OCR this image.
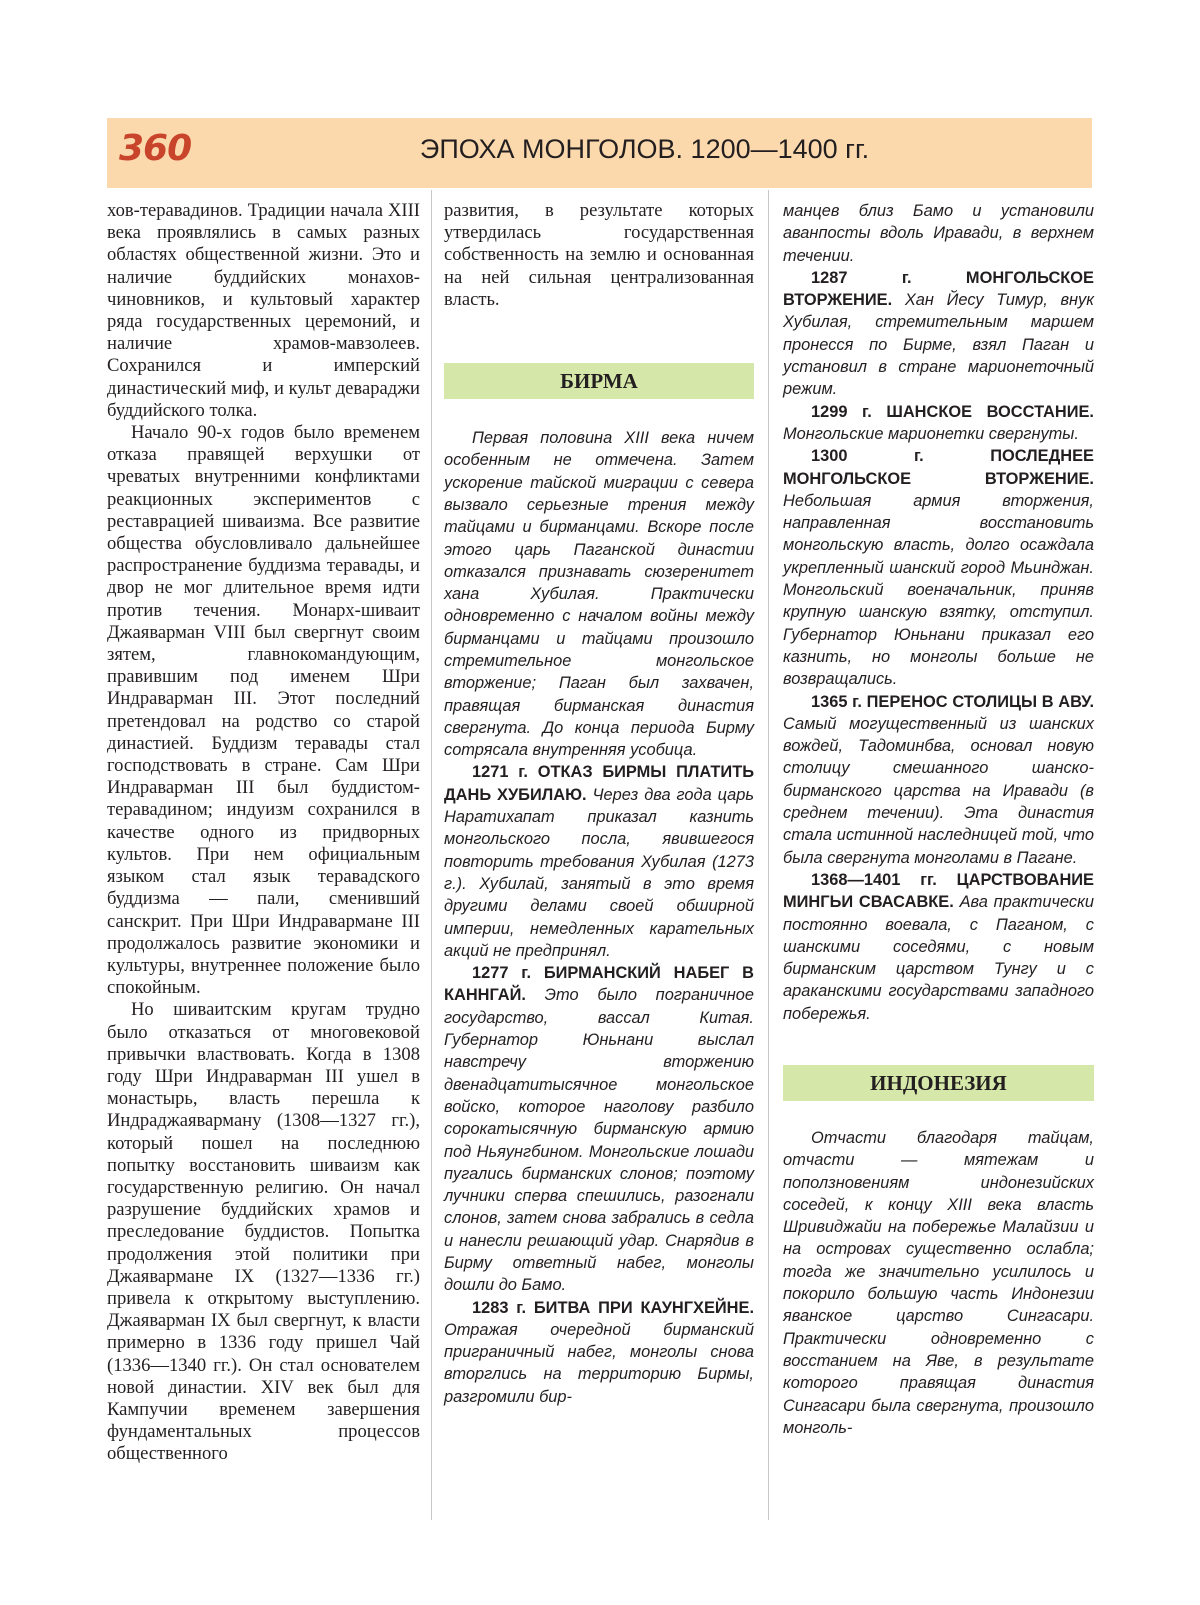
360	ЭПОХА МОНГОЛОВ. 1200—1400 гг.

хов-теравадинов. Традиции начала XIII века проявлялись в самых разных областях общественной жизни. Это и наличие буддийских монахов-чиновников, и культовый характер ряда государственных церемоний, и наличие храмов-мавзолеев. Сохранился и имперский династический миф, и культ девараджи буддийского толка.

Начало 90-х годов было временем отказа правящей верхушки от чреватых внутренними конфликтами реакционных экспериментов с реставрацией шиваизма. Все развитие общества обусловливало дальнейшее распространение буддизма теравады, и двор не мог длительное время идти против течения. Монарх-шиваит Джаяварман VIII был свергнут своим зятем, главнокомандующим, правившим под именем Шри Индраварман III. Этот последний претендовал на родство со старой династией. Буддизм теравады стал господствовать в стране. Сам Шри Индраварман III был буддистом-теравадином; индуизм сохранился в качестве одного из придворных культов. При нем официальным языком стал язык теравадского буддизма — пали, сменивший санскрит. При Шри Индравармане III продолжалось развитие экономики и культуры, внутреннее положение было спокойным.

Но шиваитским кругам трудно было отказаться от многовековой привычки властвовать. Когда в 1308 году Шри Индраварман III ушел в монастырь, власть перешла к Индраджаяварману (1308—1327 гг.), который пошел на последнюю попытку восстановить шиваизм как государственную религию. Он начал разрушение буддийских храмов и преследование буддистов. Попытка продолжения этой политики при Джаявармане IX (1327—1336 гг.) привела к открытому выступлению. Джаяварман IX был свергнут, к власти примерно в 1336 году пришел Чай (1336—1340 гг.). Он стал основателем новой династии. XIV век был для Кампучии временем завершения фундаментальных процессов общественного

развития, в результате которых утвердилась государственная собственность на землю и основанная на ней сильная централизованная власть.

БИРМА

Первая половина XIII века ничем особенным не отмечена. Затем ускорение тайской миграции с севера вызвало серьезные трения между тайцами и бирманцами. Вскоре после этого царь Паганской династии отказался признавать сюзеренитет хана Хубилая. Практически одновременно с началом войны между бирманцами и тайцами произошло стремительное монгольское вторжение; Паган был захвачен, правящая бирманская династия свергнута. До конца периода Бирму сотрясала внутренняя усобица.

1271 г. ОТКАЗ БИРМЫ ПЛАТИТЬ ДАНЬ ХУБИЛАЮ. Через два года царь Наратихапат приказал казнить монгольского посла, явившегося повторить требования Хубилая (1273 г.). Хубилай, занятый в это время другими делами своей обширной империи, немедленных карательных акций не предпринял.

1277 г. БИРМАНСКИЙ НАБЕГ В КАННГАЙ. Это было пограничное государство, вассал Китая. Губернатор Юньнани выслал навстречу вторжению двенадцатитысячное монгольское войско, которое наголову разбило сорокатысячную бирманскую армию под Ньяунгбином. Монгольские лошади пугались бирманских слонов; поэтому лучники сперва спешились, разогнали слонов, затем снова забрались в седла и нанесли решающий удар. Снарядив в Бирму ответный набег, монголы дошли до Бамо.

1283 г. БИТВА ПРИ КАУНГХЕЙНЕ. Отражая очередной бирманский приграничный набег, монголы снова вторглись на территорию Бирмы, разгромили бир-

манцев близ Бамо и установили аванпосты вдоль Иравади, в верхнем течении.

1287 г. МОНГОЛЬСКОЕ ВТОРЖЕНИЕ. Хан Йесу Тимур, внук Хубилая, стремительным маршем пронесся по Бирме, взял Паган и установил в стране марионеточный режим.

1299 г. ШАНСКОЕ ВОССТАНИЕ. Монгольские марионетки свергнуты.

1300 г. ПОСЛЕДНЕЕ МОНГОЛЬСКОЕ ВТОРЖЕНИЕ. Небольшая армия вторжения, направленная восстановить монгольскую власть, долго осаждала укрепленный шанский город Мьинджан. Монгольский военачальник, приняв крупную шанскую взятку, отступил. Губернатор Юньнани приказал его казнить, но монголы больше не возвращались.

1365 г. ПЕРЕНОС СТОЛИЦЫ В АВУ. Самый могущественный из шанских вождей, Тадоминбва, основал новую столицу смешанного шанско-бирманского царства на Иравади (в среднем течении). Эта династия стала истинной наследницей той, что была свергнута монголами в Пагане.

1368—1401 гг. ЦАРСТВОВАНИЕ МИНГЬИ СВАСАВКЕ. Ава практически постоянно воевала, с Паганом, с шанскими соседями, с новым бирманским царством Тунгу и с араканскими государствами западного побережья.

ИНДОНЕЗИЯ

Отчасти благодаря тайцам, отчасти — мятежам и поползновениям индонезийских соседей, к концу XIII века власть Шривиджайи на побережье Малайзии и на островах существенно ослабла; тогда же значительно усилилось и покорило большую часть Индонезии яванское царство Сингасари. Практически одновременно с восстанием на Яве, в результате которого правящая династия Сингасари была свергнута, произошло монголь-
